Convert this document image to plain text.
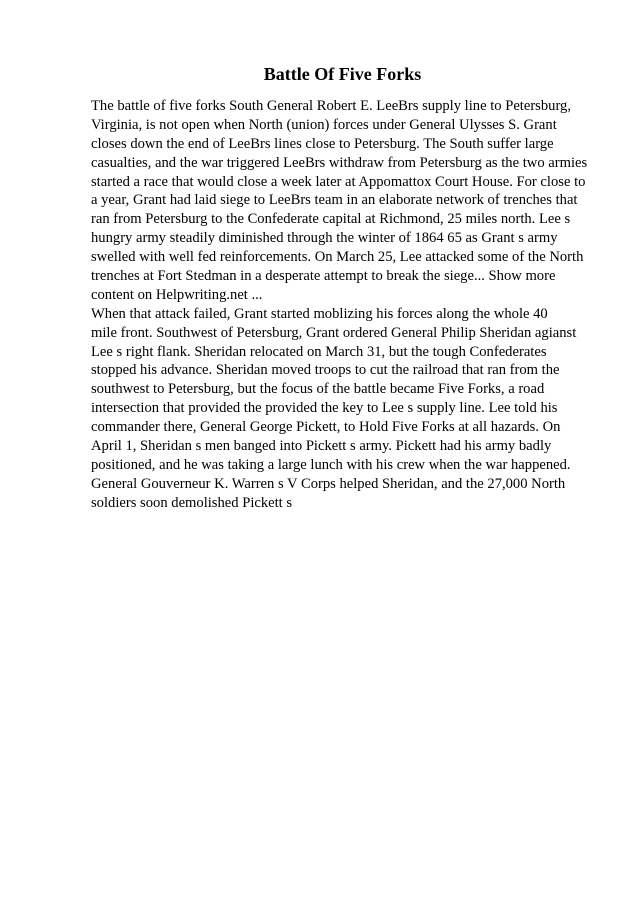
Battle Of Five Forks
The battle of five forks South General Robert E. LeeBrs supply line to Petersburg,
Virginia, is not open when North (union) forces under General Ulysses S. Grant
closes down the end of LeeBrs lines close to Petersburg. The South suffer large
casualties, and the war triggered LeeBrs withdraw from Petersburg as the two armies
started a race that would close a week later at Appomattox Court House. For close to
a year, Grant had laid siege to LeeBrs team in an elaborate network of trenches that
ran from Petersburg to the Confederate capital at Richmond, 25 miles north. Lee s
hungry army steadily diminished through the winter of 1864 65 as Grant s army
swelled with well fed reinforcements. On March 25, Lee attacked some of the North
trenches at Fort Stedman in a desperate attempt to break the siege... Show more
content on Helpwriting.net ...
When that attack failed, Grant started moblizing his forces along the whole 40
mile front. Southwest of Petersburg, Grant ordered General Philip Sheridan agianst
Lee s right flank. Sheridan relocated on March 31, but the tough Confederates
stopped his advance. Sheridan moved troops to cut the railroad that ran from the
southwest to Petersburg, but the focus of the battle became Five Forks, a road
intersection that provided the provided the key to Lee s supply line. Lee told his
commander there, General George Pickett, to Hold Five Forks at all hazards. On
April 1, Sheridan s men banged into Pickett s army. Pickett had his army badly
positioned, and he was taking a large lunch with his crew when the war happened.
General Gouverneur K. Warren s V Corps helped Sheridan, and the 27,000 North
soldiers soon demolished Pickett s
